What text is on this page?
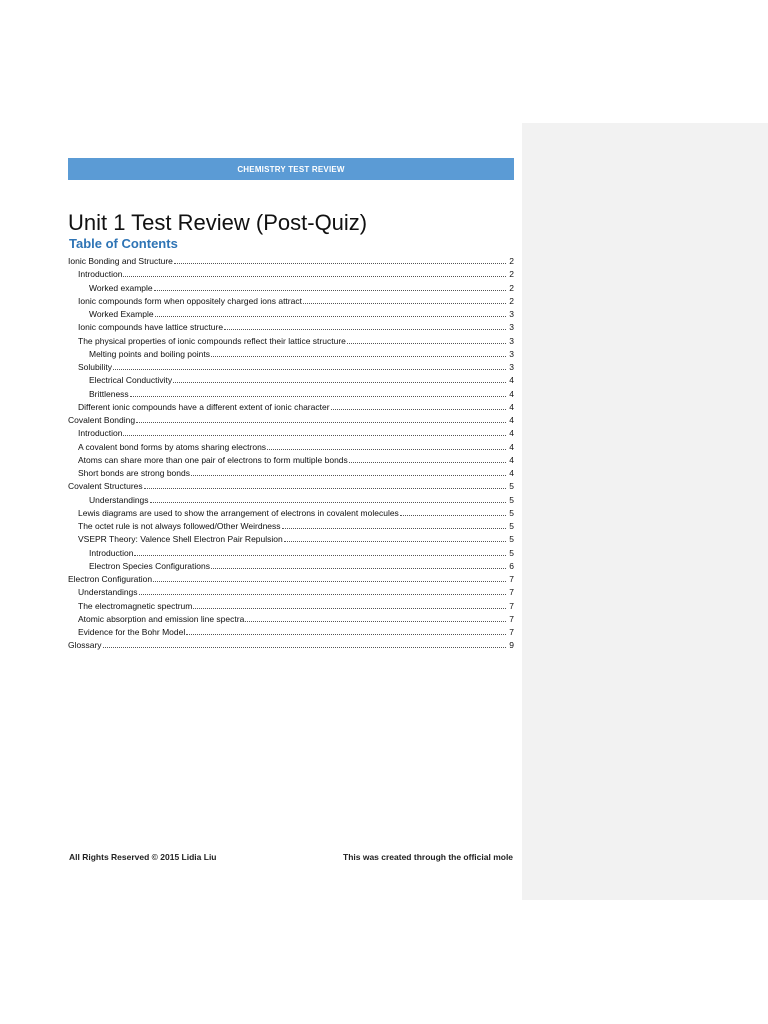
CHEMISTRY TEST REVIEW
Unit 1 Test Review (Post-Quiz)
Table of Contents
Ionic Bonding and Structure	2
Introduction	2
Worked example	2
Ionic compounds form when oppositely charged ions attract	2
Worked Example	3
Ionic compounds have lattice structure	3
The physical properties of ionic compounds reflect their lattice structure	3
Melting points and boiling points	3
Solubility	3
Electrical Conductivity	4
Brittleness	4
Different ionic compounds have a different extent of ionic character	4
Covalent Bonding	4
Introduction	4
A covalent bond forms by atoms sharing electrons	4
Atoms can share more than one pair of electrons to form multiple bonds	4
Short bonds are strong bonds	4
Covalent Structures	5
Understandings	5
Lewis diagrams are used to show the arrangement of electrons in covalent molecules	5
The octet rule is not always followed/Other Weirdness	5
VSEPR Theory: Valence Shell Electron Pair Repulsion	5
Introduction	5
Electron Species Configurations	6
Electron Configuration	7
Understandings	7
The electromagnetic spectrum	7
Atomic absorption and emission line spectra	7
Evidence for the Bohr Model	7
Glossary	9
All Rights Reserved © 2015 Lidia Liu	This was created through the official mole
